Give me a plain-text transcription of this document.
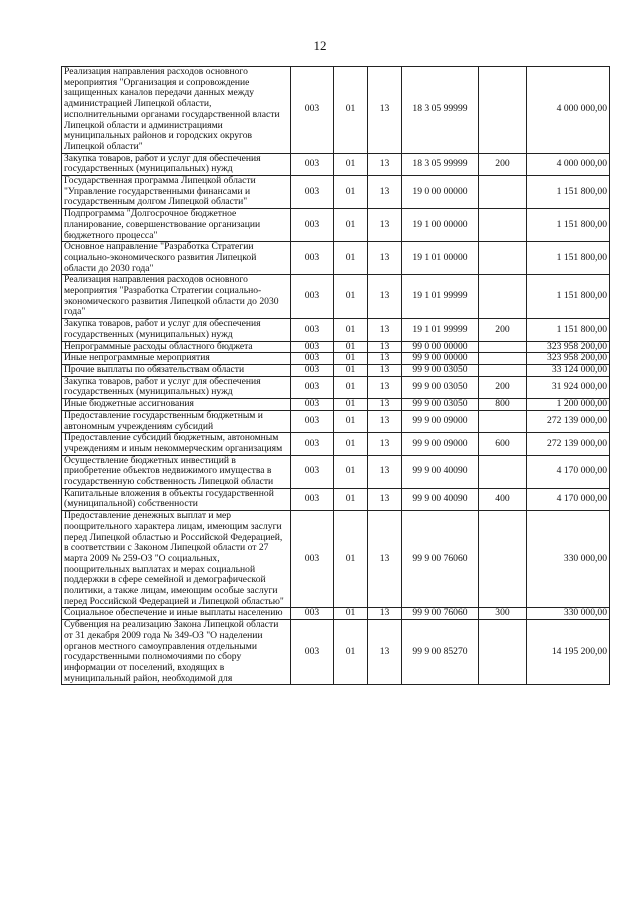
12
Реализация направления расходов основного мероприятия "Организация и сопровождение защищенных каналов передачи данных между администрацией Липецкой области, исполнительными органами государственной власти Липецкой области и администрациями муниципальных районов и городских округов Липецкой области"	003	01	13	18 3 05 99999		4 000 000,00
Закупка товаров, работ и услуг для обеспечения государственных (муниципальных) нужд	003	01	13	18 3 05 99999	200	4 000 000,00
Государственная программа Липецкой области "Управление государственными финансами и государственным долгом Липецкой области"	003	01	13	19 0 00 00000		1 151 800,00
Подпрограмма "Долгосрочное бюджетное планирование, совершенствование организации бюджетного процесса"	003	01	13	19 1 00 00000		1 151 800,00
Основное направление "Разработка Стратегии социально-экономического развития Липецкой области до 2030 года"	003	01	13	19 1 01 00000		1 151 800,00
Реализация направления расходов основного мероприятия "Разработка Стратегии социально-экономического развития Липецкой области до 2030 года"	003	01	13	19 1 01 99999		1 151 800,00
Закупка товаров, работ и услуг для обеспечения государственных (муниципальных) нужд	003	01	13	19 1 01 99999	200	1 151 800,00
Непрограммные расходы областного бюджета	003	01	13	99 0 00 00000		323 958 200,00
Иные непрограммные мероприятия	003	01	13	99 9 00 00000		323 958 200,00
Прочие выплаты по обязательствам области	003	01	13	99 9 00 03050		33 124 000,00
Закупка товаров, работ и услуг для обеспечения государственных (муниципальных) нужд	003	01	13	99 9 00 03050	200	31 924 000,00
Иные бюджетные ассигнования	003	01	13	99 9 00 03050	800	1 200 000,00
Предоставление государственным бюджетным и автономным учреждениям субсидий	003	01	13	99 9 00 09000		272 139 000,00
Предоставление субсидий бюджетным, автономным учреждениям и иным некоммерческим организациям	003	01	13	99 9 00 09000	600	272 139 000,00
Осуществление бюджетных инвестиций в приобретение объектов недвижимого имущества в государственную собственность Липецкой области	003	01	13	99 9 00 40090		4 170 000,00
Капитальные вложения в объекты государственной (муниципальной) собственности	003	01	13	99 9 00 40090	400	4 170 000,00
Предоставление денежных выплат и мер поощрительного характера лицам, имеющим заслуги перед Липецкой областью и Российской Федерацией, в соответствии с Законом Липецкой области от 27 марта 2009 № 259-ОЗ "О социальных, поощрительных выплатах и мерах социальной поддержки в сфере семейной и демографической политики, а также лицам, имеющим особые заслуги перед Российской Федерацией и Липецкой областью"	003	01	13	99 9 00 76060		330 000,00
Социальное обеспечение и иные выплаты населению	003	01	13	99 9 00 76060	300	330 000,00
Субвенция на реализацию Закона Липецкой области от 31 декабря 2009 года № 349-ОЗ "О наделении органов местного самоуправления отдельными государственными полномочиями по сбору информации от поселений, входящих в муниципальный район, необходимой для	003	01	13	99 9 00 85270		14 195 200,00
